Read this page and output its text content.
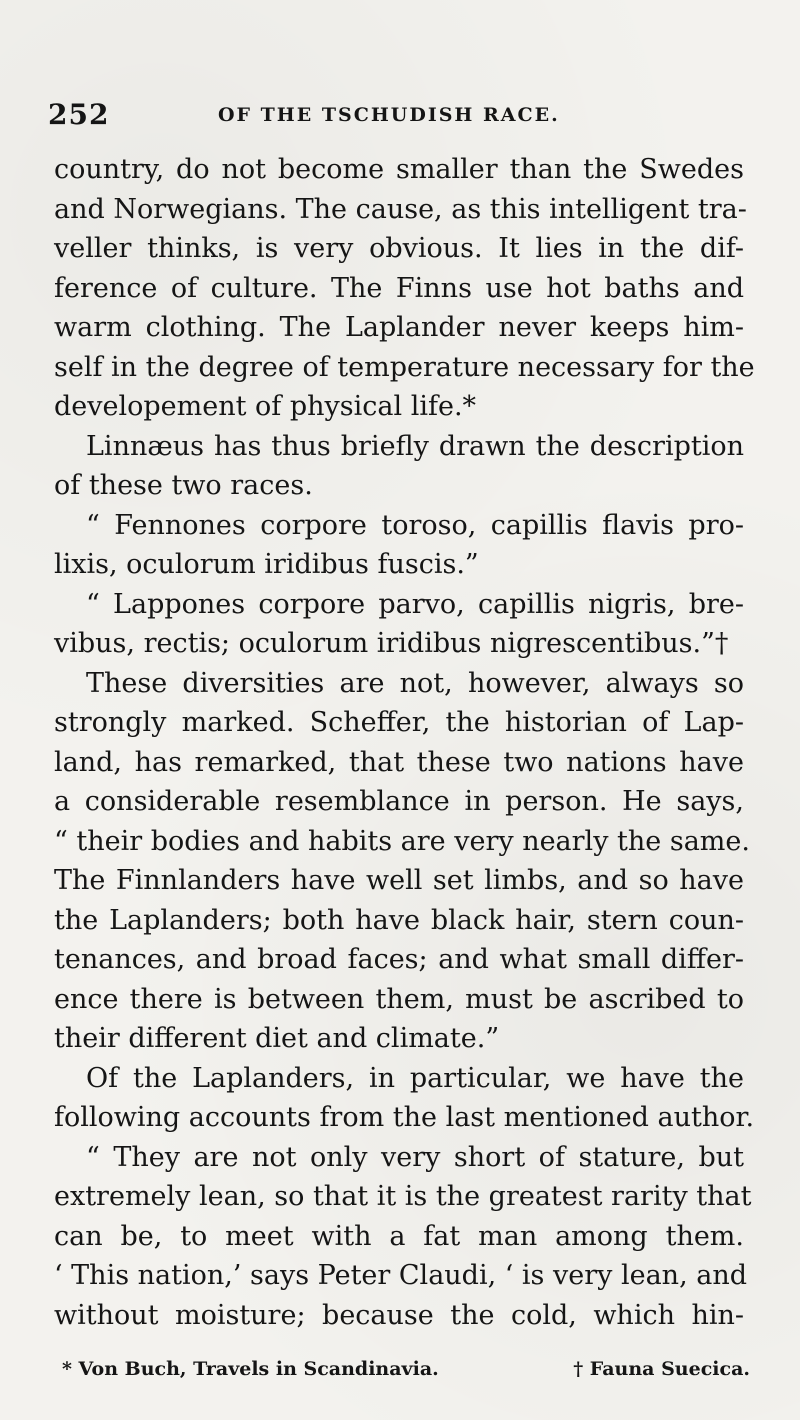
252	OF THE TSCHUDISH RACE.
country, do not become smaller than the Swedes
and Norwegians. The cause, as this intelligent tra-
veller thinks, is very obvious. It lies in the dif-
ference of culture. The Finns use hot baths and
warm clothing. The Laplander never keeps him-
self in the degree of temperature necessary for the
developement of physical life.*
Linnæus has thus briefly drawn the description
of these two races.
“ Fennones corpore toroso, capillis flavis pro-
lixis, oculorum iridibus fuscis.”
“ Lappones corpore parvo, capillis nigris, bre-
vibus, rectis; oculorum iridibus nigrescentibus.”†
These diversities are not, however, always so
strongly marked. Scheffer, the historian of Lap-
land, has remarked, that these two nations have
a considerable resemblance in person. He says,
“ their bodies and habits are very nearly the same.
The Finnlanders have well set limbs, and so have
the Laplanders; both have black hair, stern coun-
tenances, and broad faces; and what small differ-
ence there is between them, must be ascribed to
their different diet and climate.”
Of the Laplanders, in particular, we have the
following accounts from the last mentioned author.
“ They are not only very short of stature, but
extremely lean, so that it is the greatest rarity that
can be, to meet with a fat man among them.
‘ This nation,’ says Peter Claudi, ‘ is very lean, and
without moisture; because the cold, which hin-
* Von Buch, Travels in Scandinavia.	† Fauna Suecica.
